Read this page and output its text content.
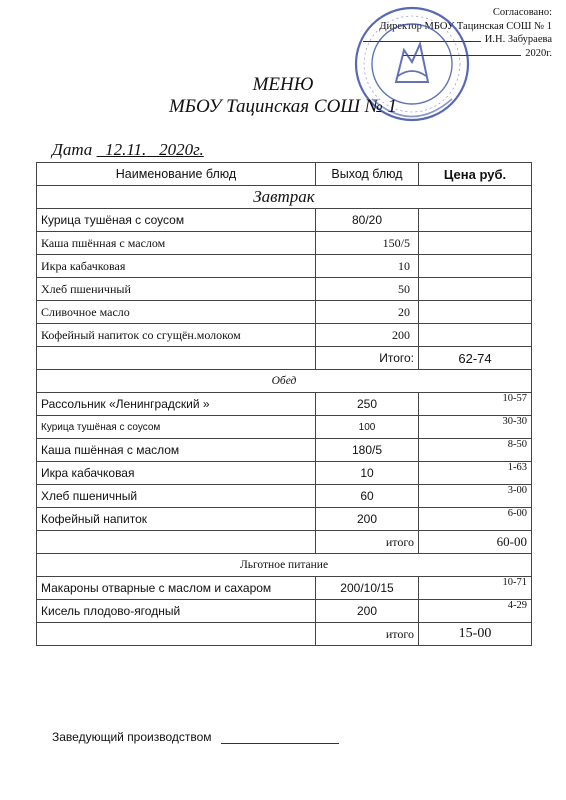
Согласовано:
Директор МБОУ Тацинская СОШ № 1
И.Н. Забураева
2020г.
МЕНЮ
МБОУ Тацинская СОШ № 1
Дата 12.11. 2020г.
Наименование блюд	Выход блюд	Цена руб.
Завтрак		
Курица тушёная с соусом	80/20	
Каша пшённая с маслом	150/5	
Икра кабачковая	10	
Хлеб пшеничный	50	
Сливочное масло	20	
Кофейный напиток со сгущён.молоком	200	
	Итого:	62-74
Обед		
Рассольник «Ленинградский »	250	10-57
Курица тушёная с соусом	100	30-30
Каша пшённая с маслом	180/5	8-50
Икра кабачковая	10	1-63
Хлеб пшеничный	60	3-00
Кофейный напиток	200	6-00
	итого	60-00
Льготное питание		
Макароны отварные с маслом и сахаром	200/10/15	10-71
Кисель плодово-ягодный	200	4-29
	итого	15-00
Заведующий производством
